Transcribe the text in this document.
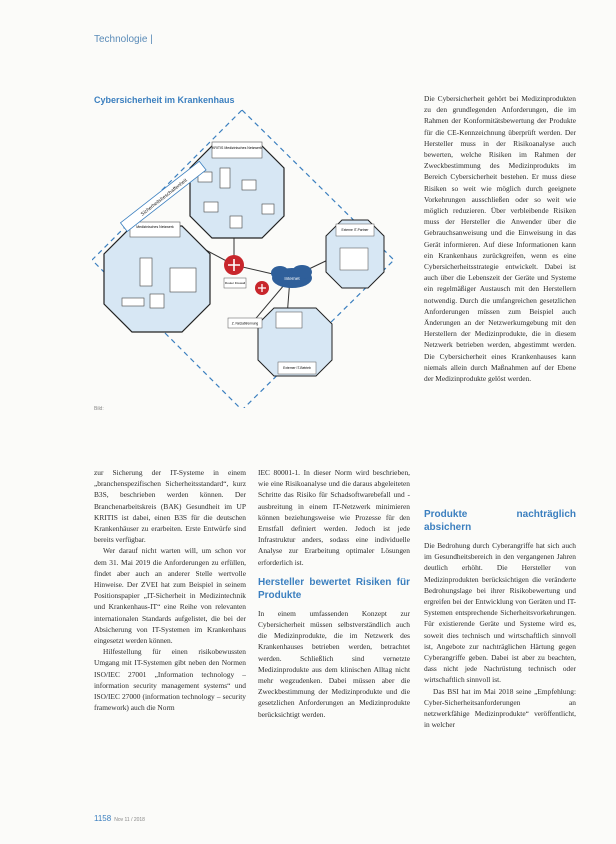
Technologie |
Cybersicherheit im Krankenhaus
KRITIS Medizinisches Netzwerk
Medizinisches Netzwerk
Externe IT-Partner
Externer IT-Betrieb
Sicherheitsbeschaffenheit
Internet
Router Firewall
Z. Netzabtrennung
Bild:

Die Cybersicherheit gehört bei Medizinprodukten zu den grundlegenden Anforderungen, die im Rahmen der Konformitätsbewertung der Produkte für die CE-Kennzeichnung überprüft werden. Der Hersteller muss in der Risikoanalyse auch bewerten, welche Risiken im Rahmen der Zweckbestimmung des Medizinprodukts im Bereich Cybersicherheit bestehen. Er muss diese Risiken so weit wie möglich durch geeignete Vorkehrungen ausschließen oder so weit wie möglich reduzieren. Über verbleibende Risiken muss der Hersteller die Anwender über die Gebrauchsanweisung und die Einweisung in das Gerät informieren. Auf diese Informationen kann ein Krankenhaus zurückgreifen, wenn es eine Cybersicherheitsstrategie entwickelt. Dabei ist auch über die Lebenszeit der Geräte und Systeme ein regelmäßiger Austausch mit den Herstellern notwendig. Durch die umfangreichen gesetzlichen Anforderungen müssen zum Beispiel auch Änderungen an der Netzwerkumgebung mit den Herstellern der Medizinprodukte, die in diesem Netzwerk betrieben werden, abgestimmt werden. Die Cybersicherheit eines Krankenhauses kann niemals allein durch Maßnahmen auf der Ebene der Medizinprodukte gelöst werden.

zur Sicherung der IT-Systeme in einem „branchenspezifischen Sicherheitsstandard“, kurz B3S, beschrieben werden können. Der Branchenarbeitskreis (BAK) Gesundheit im UP KRITIS ist dabei, einen B3S für die deutschen Krankenhäuser zu erarbeiten. Erste Entwürfe sind bereits verfügbar.

Wer darauf nicht warten will, um schon vor dem 31. Mai 2019 die Anforderungen zu erfüllen, findet aber auch an anderer Stelle wertvolle Hinweise. Der ZVEI hat zum Beispiel in seinem Positionspapier „IT-Sicherheit in Medizintechnik und Krankenhaus-IT“ eine Reihe von relevanten internationalen Standards aufgelistet, die bei der Absicherung von IT-Systemen im Krankenhaus eingesetzt werden können.

Hilfestellung für einen risikobewussten Umgang mit IT-Systemen gibt neben den Normen ISO/IEC 27001 „Information technology – information security management systems“ und ISO/IEC 27000 (information technology – security framework) auch die Norm

IEC 80001-1. In dieser Norm wird beschrieben, wie eine Risikoanalyse und die daraus abgeleiteten Schritte das Risiko für Schadsoftwarebefall und -ausbreitung in einem IT-Netzwerk minimieren können beziehungsweise wie Prozesse für den Ernstfall definiert werden. Jedoch ist jede Infrastruktur anders, sodass eine individuelle Analyse zur Erarbeitung optimaler Lösungen erforderlich ist.

Hersteller bewertet Risiken für Produkte

In einem umfassenden Konzept zur Cybersicherheit müssen selbstverständlich auch die Medizinprodukte, die im Netzwerk des Krankenhauses betrieben werden, betrachtet werden. Schließlich sind vernetzte Medizinprodukte aus dem klinischen Alltag nicht mehr wegzudenken. Dabei müssen aber die Zweckbestimmung der Medizinprodukte und die gesetzlichen Anforderungen an Medizinprodukte berücksichtigt werden.

Produkte nachträglich absichern

Die Bedrohung durch Cyberangriffe hat sich auch im Gesundheitsbereich in den vergangenen Jahren deutlich erhöht. Die Hersteller von Medizinprodukten berücksichtigen die veränderte Bedrohungslage bei ihrer Risikobewertung und ergreifen bei der Entwicklung von Geräten und IT-Systemen entsprechende Sicherheitsvorkehrungen. Für existierende Geräte und Systeme wird es, soweit dies technisch und wirtschaftlich sinnvoll ist, Angebote zur nachträglichen Härtung gegen Cyberangriffe geben. Dabei ist aber zu beachten, dass nicht jede Nachrüstung technisch oder wirtschaftlich sinnvoll ist.

Das BSI hat im Mai 2018 seine „Empfehlung: Cyber-Sicherheitsanforderungen an netzwerkfähige Medizinprodukte“ veröffentlicht, in welcher

1158 Nov 11 / 2018
